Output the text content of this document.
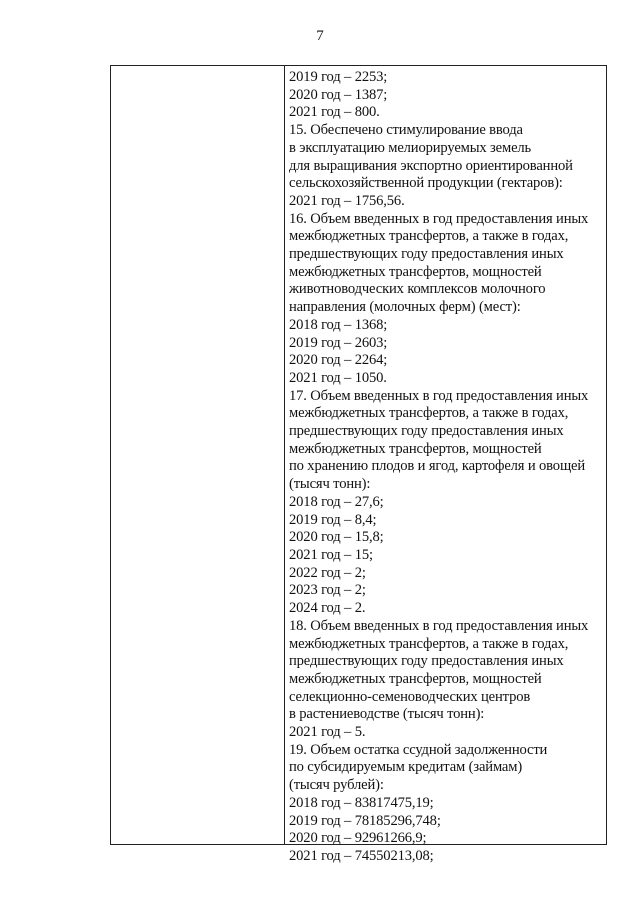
7
2019 год – 2253;
2020 год – 1387;
2021 год – 800.
15. Обеспечено стимулирование ввода
в эксплуатацию мелиорируемых земель
для выращивания экспортно ориентированной
сельскохозяйственной продукции (гектаров):
2021 год – 1756,56.
16. Объем введенных в год предоставления иных
межбюджетных трансфертов, а также в годах,
предшествующих году предоставления иных
межбюджетных трансфертов, мощностей
животноводческих комплексов молочного
направления (молочных ферм) (мест):
2018 год – 1368;
2019 год – 2603;
2020 год – 2264;
2021 год – 1050.
17. Объем введенных в год предоставления иных
межбюджетных трансфертов, а также в годах,
предшествующих году предоставления иных
межбюджетных трансфертов, мощностей
по хранению плодов и ягод, картофеля и овощей
(тысяч тонн):
2018 год – 27,6;
2019 год – 8,4;
2020 год – 15,8;
2021 год – 15;
2022 год – 2;
2023 год – 2;
2024 год – 2.
18. Объем введенных в год предоставления иных
межбюджетных трансфертов, а также в годах,
предшествующих году предоставления иных
межбюджетных трансфертов, мощностей
селекционно-семеноводческих центров
в растениеводстве (тысяч тонн):
2021 год – 5.
19. Объем остатка ссудной задолженности
по субсидируемым кредитам (займам)
(тысяч рублей):
2018 год – 83817475,19;
2019 год – 78185296,748;
2020 год – 92961266,9;
2021 год – 74550213,08;
